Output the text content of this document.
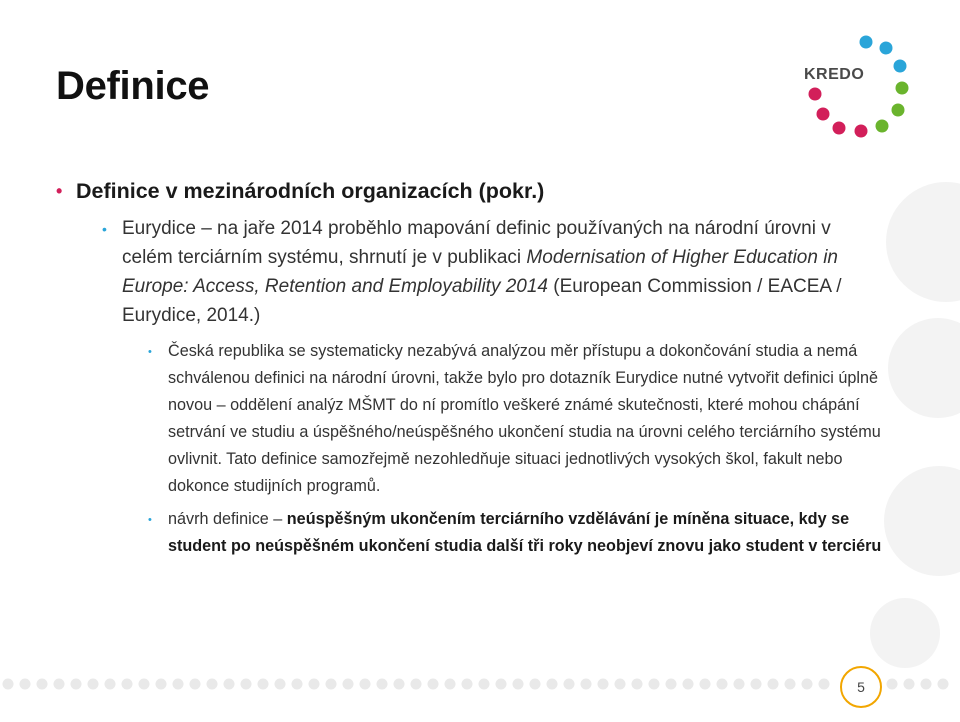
Definice	KREDO
• Definice v mezinárodních organizacích (pokr.)
• Eurydice – na jaře 2014 proběhlo mapování definic používaných na národní úrovni v celém terciárním systému, shrnutí je v publikaci Modernisation of Higher Education in Europe: Access, Retention and Employability 2014 (European Commission / EACEA / Eurydice, 2014.)
• Česká republika se systematicky nezabývá analýzou měr přístupu a dokončování studia a nemá schválenou definici na národní úrovni, takže bylo pro dotazník Eurydice nutné vytvořit definici úplně novou – oddělení analýz MŠMT do ní promítlo veškeré známé skutečnosti, které mohou chápání setrvání ve studiu a úspěšného/neúspěšného ukončení studia na úrovni celého terciárního systému ovlivnit. Tato definice samozřejmě nezohledňuje situaci jednotlivých vysokých škol, fakult nebo dokonce studijních programů.
• návrh definice – neúspěšným ukončením terciárního vzdělávání je míněna situace, kdy se student po neúspěšném ukončení studia další tři roky neobjeví znovu jako student v terciéru
5
